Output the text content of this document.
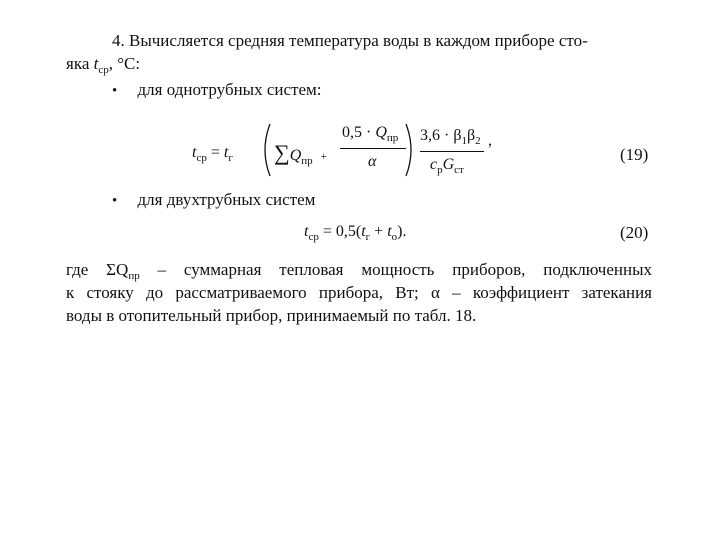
4. Вычисляется средняя температура воды в каждом приборе сто-
яка $t_{ср}$, °С:
• для однотрубных систем:
$t_{ср} = t_г$ $\sum Q_{пр}$ +
$0,5 \cdot Q_{пр}$
α
$3,6 \cdot \beta_1\beta_2$
$c_рG_{ст}$
,
(19)
• для двухтрубных систем
$t_{ср} = 0,5(t_г + t_о)$.	(20)
где $\Sigma Q_{пр}$ – суммарная тепловая мощность приборов, подключенных
к стояку до рассматриваемого прибора, Вт; α – коэффициент затекания
воды в отопительный прибор, принимаемый по табл. 18.
